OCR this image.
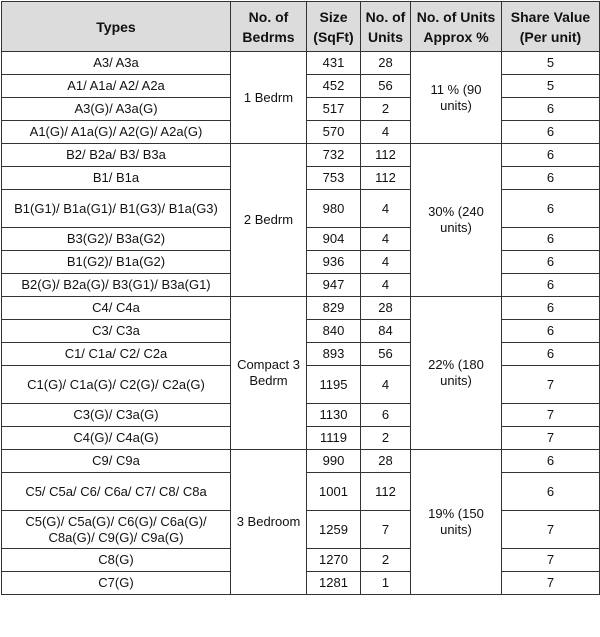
Types	No. of Bedrms	Size (SqFt)	No. of Units	No. of Units Approx %	Share Value (Per unit)
A3/ A3a	1 Bedrm	431	28	11 % (90 units)	5
A1/ A1a/ A2/ A2a		452	56		5
A3(G)/ A3a(G)		517	2		6
A1(G)/ A1a(G)/ A2(G)/ A2a(G)		570	4		6
B2/ B2a/ B3/ B3a	2 Bedrm	732	112	30% (240 units)	6
B1/ B1a		753	112		6
B1(G1)/ B1a(G1)/ B1(G3)/ B1a(G3)		980	4		6
B3(G2)/ B3a(G2)		904	4		6
B1(G2)/ B1a(G2)		936	4		6
B2(G)/ B2a(G)/ B3(G1)/ B3a(G1)		947	4		6
C4/ C4a	Compact 3 Bedrm	829	28	22% (180 units)	6
C3/ C3a		840	84		6
C1/ C1a/ C2/ C2a		893	56		6
C1(G)/ C1a(G)/ C2(G)/ C2a(G)		1195	4		7
C3(G)/ C3a(G)		1130	6		7
C4(G)/ C4a(G)		1119	2		7
C9/ C9a	3 Bedroom	990	28	19% (150 units)	6
C5/ C5a/ C6/ C6a/ C7/ C8/ C8a		1001	112		6
C5(G)/ C5a(G)/ C6(G)/ C6a(G)/ C8a(G)/ C9(G)/ C9a(G)		1259	7		7
C8(G)		1270	2		7
C7(G)		1281	1		7
